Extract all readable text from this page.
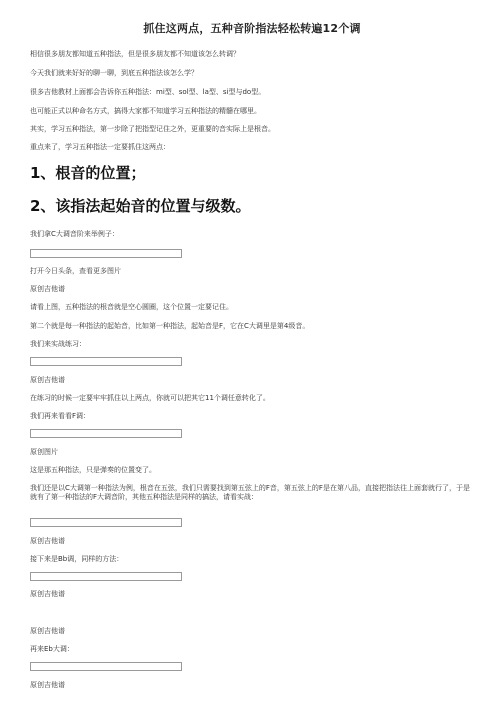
抓住这两点，五种音阶指法轻松转遍12个调
相信很多朋友都知道五种指法，但是很多朋友都不知道该怎么转调？
今天我们就来好好的聊一聊，到底五种指法该怎么学？
很多吉他教材上面都会告诉你五种指法：mi型、sol型、la型、si型与do型。
也可能正式以种命名方式，搞得大家都不知道学习五种指法的精髓在哪里。
其实，学习五种指法，第一步除了把指型记住之外，更重要的音实际上是根音。
重点来了，学习五种指法一定要抓住这两点：
1、根音的位置；
2、该指法起始音的位置与级数。
我们拿C大调音阶来举例子：
打开今日头条，查看更多图片
原创吉他谱
请看上图，五种指法的根音就是空心圆圈，这个位置一定要记住。
第二个就是每一种指法的起始音，比如第一种指法，起始音是F，它在C大调里是第4级音。
我们来实战练习：
原创吉他谱
在练习的时候一定要牢牢抓住以上两点，你就可以把其它11个调任意转化了。
我们再来看看F调：
原创图片
这是那五种指法，只是弹奏的位置变了。
我们还是以C大调第一种指法为例，根音在五弦，我们只需要找到第五弦上的F音，第五弦上的F是在第八品，直接把指法往上面套就行了，于是就有了第一种指法的F大调音阶，其他五种指法是同样的搞法，请看实战：
原创吉他谱
接下来是Bb调，同样的方法：
原创吉他谱
原创吉他谱
再来Eb大调：
原创吉他谱
